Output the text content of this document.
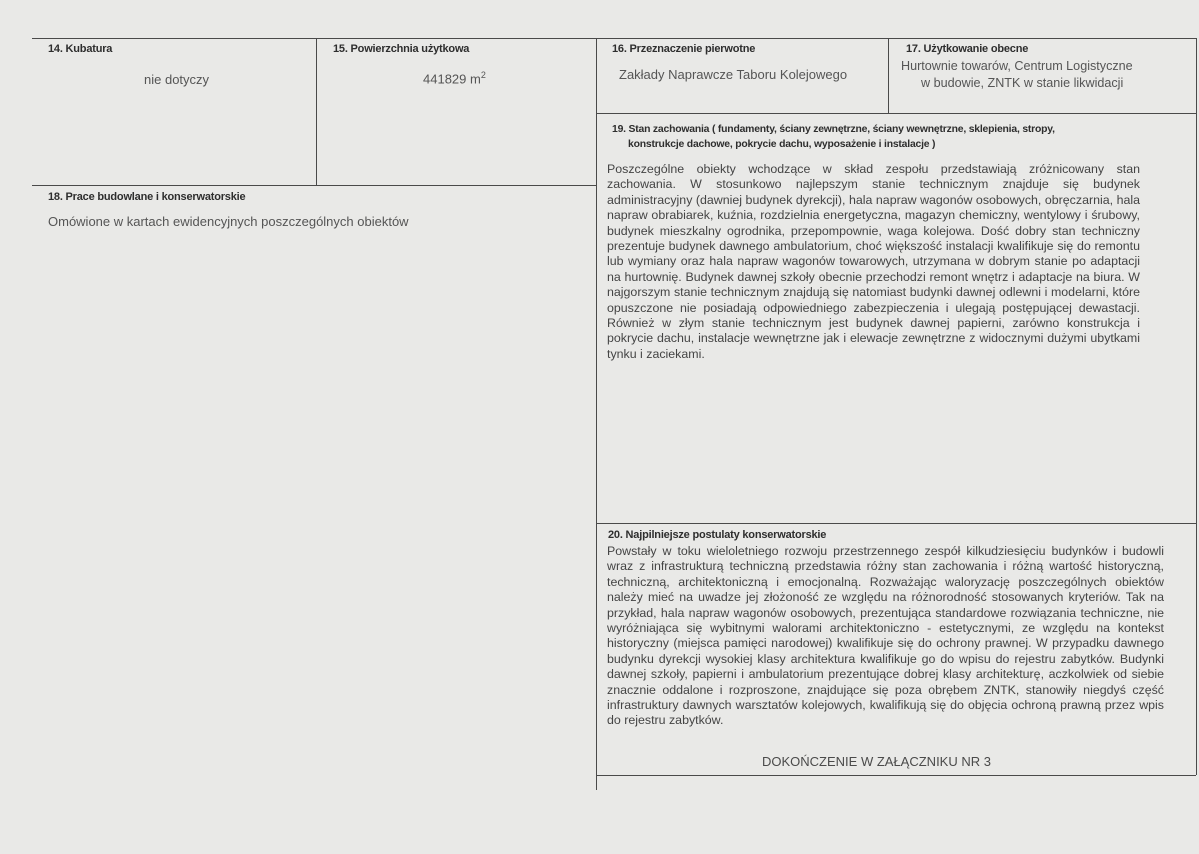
14. Kubatura
nie dotyczy
15. Powierzchnia użytkowa
441829 $m^2$
16. Przeznaczenie pierwotne
Zakłady Naprawcze Taboru Kolejowego
17. Użytkowanie obecne
Hurtownie towarów, Centrum Logistyczne
w budowie, ZNTK w stanie likwidacji
18. Prace budowlane i konserwatorskie
Omówione w kartach ewidencyjnych poszczególnych obiektów
19. Stan zachowania ( fundamenty, ściany zewnętrzne, ściany wewnętrzne, sklepienia, stropy,
konstrukcje dachowe, pokrycie dachu, wyposażenie i instalacje )
Poszczególne obiekty wchodzące w skład zespołu przedstawiają zróżnicowany stan zachowania. W stosunkowo najlepszym stanie technicznym znajduje się budynek administracyjny (dawniej budynek dyrekcji), hala napraw wagonów osobowych, obręczarnia, hala napraw obrabiarek, kuźnia, rozdzielnia energetyczna, magazyn chemiczny, wentylowy i śrubowy, budynek mieszkalny ogrodnika, przepompownie, waga kolejowa. Dość dobry stan techniczny prezentuje budynek dawnego ambulatorium, choć większość instalacji kwalifikuje się do remontu lub wymiany oraz hala napraw wagonów towarowych, utrzymana w dobrym stanie po adaptacji na hurtownię. Budynek dawnej szkoły obecnie przechodzi remont wnętrz i adaptacje na biura. W najgorszym stanie technicznym znajdują się natomiast budynki dawnej odlewni i modelarni, które opuszczone nie posiadają odpowiedniego zabezpieczenia i ulegają postępującej dewastacji. Również w złym stanie technicznym jest budynek dawnej papierni, zarówno konstrukcja i pokrycie dachu, instalacje wewnętrzne jak i elewacje zewnętrzne z widocznymi dużymi ubytkami tynku i zaciekami.
20. Najpilniejsze postulaty konserwatorskie
Powstały w toku wieloletniego rozwoju przestrzennego zespół kilkudziesięciu budynków i budowli wraz z infrastrukturą techniczną przedstawia różny stan zachowania i różną wartość historyczną, techniczną, architektoniczną i emocjonalną. Rozważając waloryzację poszczególnych obiektów należy mieć na uwadze jej złożoność ze względu na różnorodność stosowanych kryteriów. Tak na przykład, hala napraw wagonów osobowych, prezentująca standardowe rozwiązania techniczne, nie wyróżniająca się wybitnymi walorami architektoniczno - estetycznymi, ze względu na kontekst historyczny (miejsca pamięci narodowej) kwalifikuje się do ochrony prawnej. W przypadku dawnego budynku dyrekcji wysokiej klasy architektura kwalifikuje go do wpisu do rejestru zabytków. Budynki dawnej szkoły, papierni i ambulatorium prezentujące dobrej klasy architekturę, aczkolwiek od siebie znacznie oddalone i rozproszone, znajdujące się poza obrębem ZNTK, stanowiły niegdyś część infrastruktury dawnych warsztatów kolejowych, kwalifikują się do objęcia ochroną prawną przez wpis do rejestru zabytków.
DOKOŃCZENIE W ZAŁĄCZNIKU NR 3
